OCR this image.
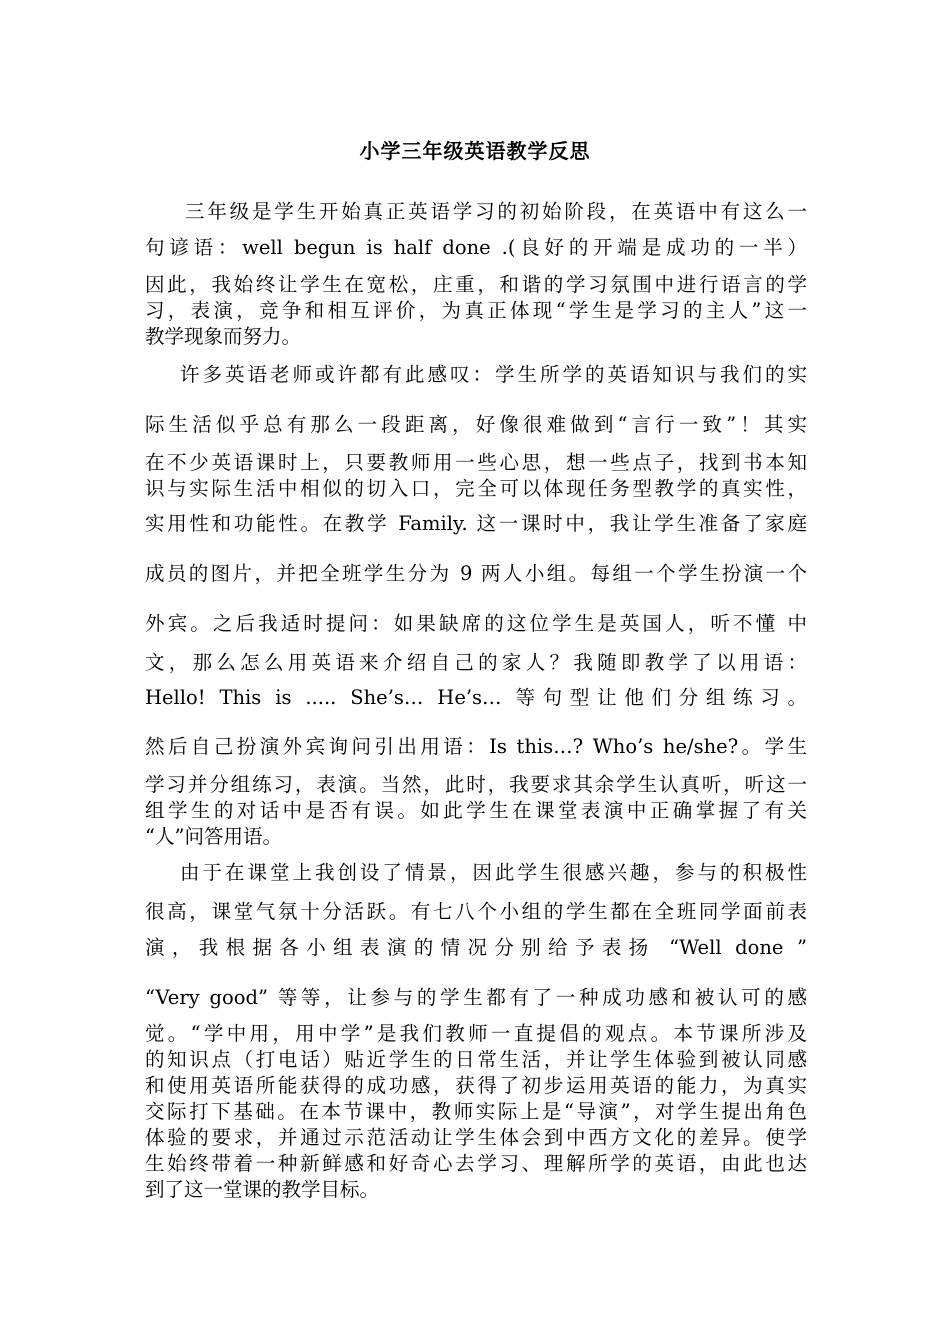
小学三年级英语教学反思
三年级是学生开始真正英语学习的初始阶段，在英语中有这么一
句谚语：well begun is half done .(良好的开端是成功的一半）
因此，我始终让学生在宽松，庄重，和谐的学习氛围中进行语言的学
习，表演，竞争和相互评价，为真正体现“学生是学习的主人”这一
教学现象而努力。
许多英语老师或许都有此感叹：学生所学的英语知识与我们的实
际生活似乎总有那么一段距离，好像很难做到“言行一致”！其实
在不少英语课时上，只要教师用一些心思，想一些点子，找到书本知
识与实际生活中相似的切入口，完全可以体现任务型教学的真实性，
实用性和功能性。在教学 Family. 这一课时中，我让学生准备了家庭
成员的图片，并把全班学生分为 9 两人小组。每组一个学生扮演一个
外宾。之后我适时提问：如果缺席的这位学生是英国人，听不懂 中
文，那么怎么用英语来介绍自己的家人？我随即教学了以用语：
Hello! This is ..... She’s… He’s… 等句型让他们分组练习。
然后自己扮演外宾询问引出用语：Is this…? Who’s he/she?。学生
学习并分组练习，表演。当然，此时，我要求其余学生认真听，听这一
组学生的对话中是否有误。如此学生在课堂表演中正确掌握了有关
“人”问答用语。
由于在课堂上我创设了情景，因此学生很感兴趣，参与的积极性
很高，课堂气氛十分活跃。有七八个小组的学生都在全班同学面前表
演，我根据各小组表演的情况分别给予表扬 “Well done ”
“Very good” 等等，让参与的学生都有了一种成功感和被认可的感
觉。“学中用，用中学”是我们教师一直提倡的观点。本节课所涉及
的知识点（打电话）贴近学生的日常生活，并让学生体验到被认同感
和使用英语所能获得的成功感，获得了初步运用英语的能力，为真实
交际打下基础。在本节课中，教师实际上是“导演”，对学生提出角色
体验的要求，并通过示范活动让学生体会到中西方文化的差异。使学
生始终带着一种新鲜感和好奇心去学习、理解所学的英语，由此也达
到了这一堂课的教学目标。
